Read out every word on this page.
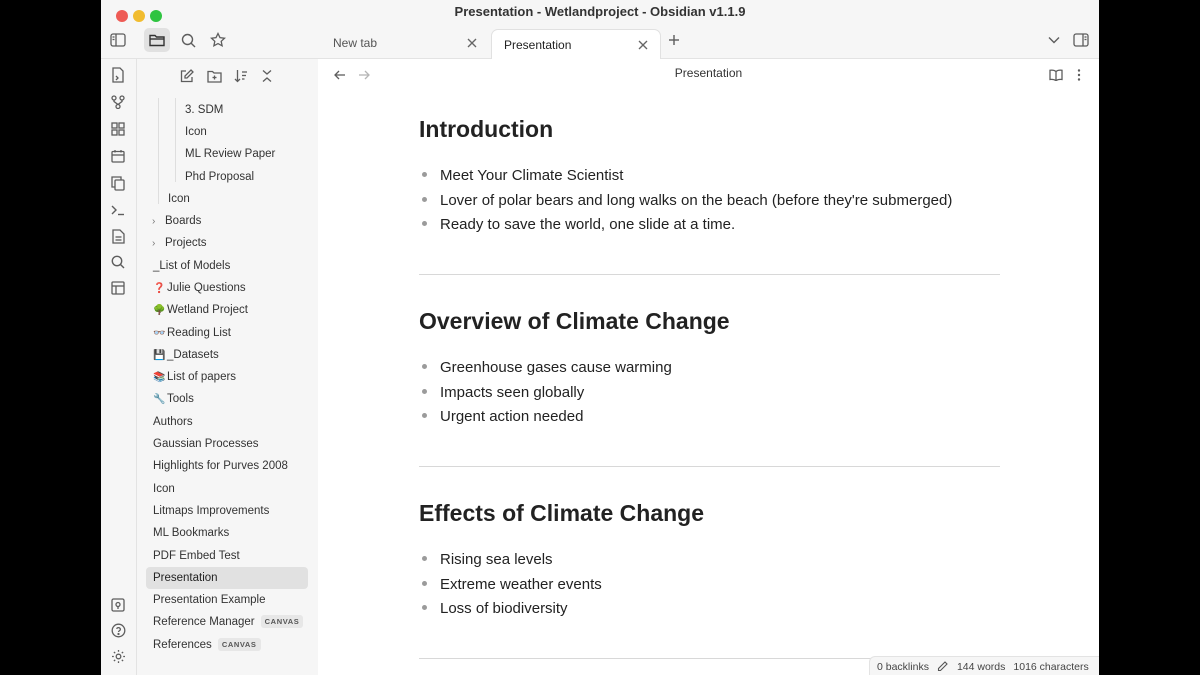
Presentation - Wetlandproject - Obsidian v1.1.9
New tab	Presentation
3. SDM
Icon
ML Review Paper
Phd Proposal
Icon
› Boards
› Projects
_List of Models
❓ Julie Questions
🌳 Wetland Project
👓 Reading List
💾 _Datasets
📚 List of papers
🔧 Tools
Authors
Gaussian Processes
Highlights for Purves 2008
Icon
Litmaps Improvements
ML Bookmarks
PDF Embed Test
Presentation
Presentation Example
Reference Manager CANVAS
References CANVAS
Presentation
Introduction
Meet Your Climate Scientist
Lover of polar bears and long walks on the beach (before they're submerged)
Ready to save the world, one slide at a time.
Overview of Climate Change
Greenhouse gases cause warming
Impacts seen globally
Urgent action needed
Effects of Climate Change
Rising sea levels
Extreme weather events
Loss of biodiversity
0 backlinks	144 words 1016 characters
